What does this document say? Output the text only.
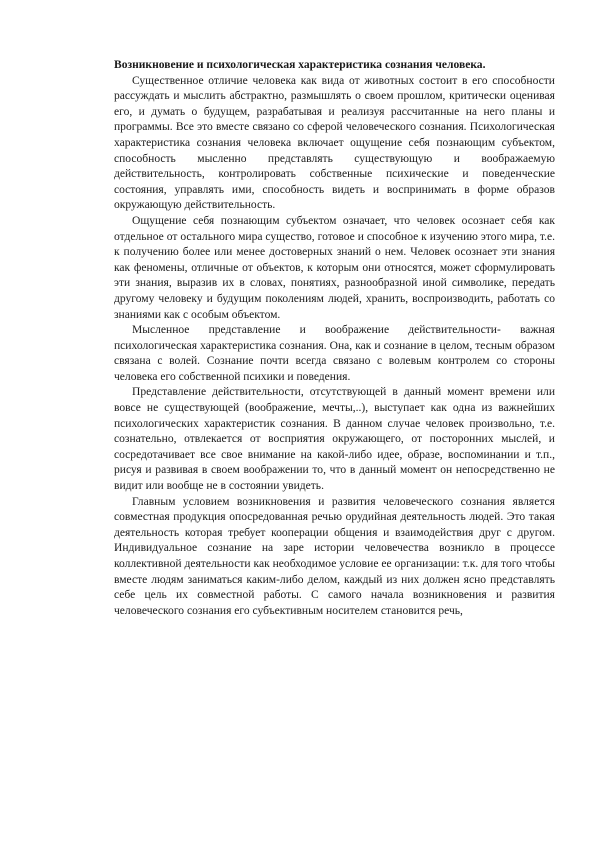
Возникновение и психологическая характеристика сознания человека.

Существенное отличие человека как вида от животных состоит в его способности рассуждать и мыслить абстрактно, размышлять о своем прошлом, критически оценивая его, и думать о будущем, разрабатывая и реализуя рассчитанные на него планы и программы. Все это вместе связано со сферой человеческого сознания. Психологическая характеристика сознания человека включает ощущение себя познающим субъектом, способность мысленно представлять существующую и воображаемую действительность, контролировать собственные психические и поведенческие состояния, управлять ими, способность видеть и воспринимать в форме образов окружающую действительность.

Ощущение себя познающим субъектом означает, что человек осознает себя как отдельное от остального мира существо, готовое и способное к изучению этого мира, т.е. к получению более или менее достоверных знаний о нем. Человек осознает эти знания как феномены, отличные от объектов, к которым они относятся, может сформулировать эти знания, выразив их в словах, понятиях, разнообразной иной символике, передать другому человеку и будущим поколениям людей, хранить, воспроизводить, работать со знаниями как с особым объектом.

Мысленное представление и воображение действительности- важная психологическая характеристика сознания. Она, как и сознание в целом, тесным образом связана с волей. Сознание почти всегда связано с волевым контролем со стороны человека его собственной психики и поведения.

Представление действительности, отсутствующей в данный момент времени или вовсе не существующей (воображение, мечты,..), выступает как одна из важнейших психологических характеристик сознания. В данном случае человек произвольно, т.е. сознательно, отвлекается от восприятия окружающего, от посторонних мыслей, и сосредотачивает все свое внимание на какой-либо идее, образе, воспоминании и т.п., рисуя и развивая в своем воображении то, что в данный момент он непосредственно не видит или вообще не в состоянии увидеть.

Главным условием возникновения и развития человеческого сознания является совместная продукция опосредованная речью орудийная деятельность людей. Это такая деятельность которая требует кооперации общения и взаимодействия друг с другом. Индивидуальное сознание на заре истории человечества возникло в процессе коллективной деятельности как необходимое условие ее организации: т.к. для того чтобы вместе людям заниматься каким-либо делом, каждый из них должен ясно представлять себе цель их совместной работы. С самого начала возникновения и развития человеческого сознания его субъективным носителем становится речь,
